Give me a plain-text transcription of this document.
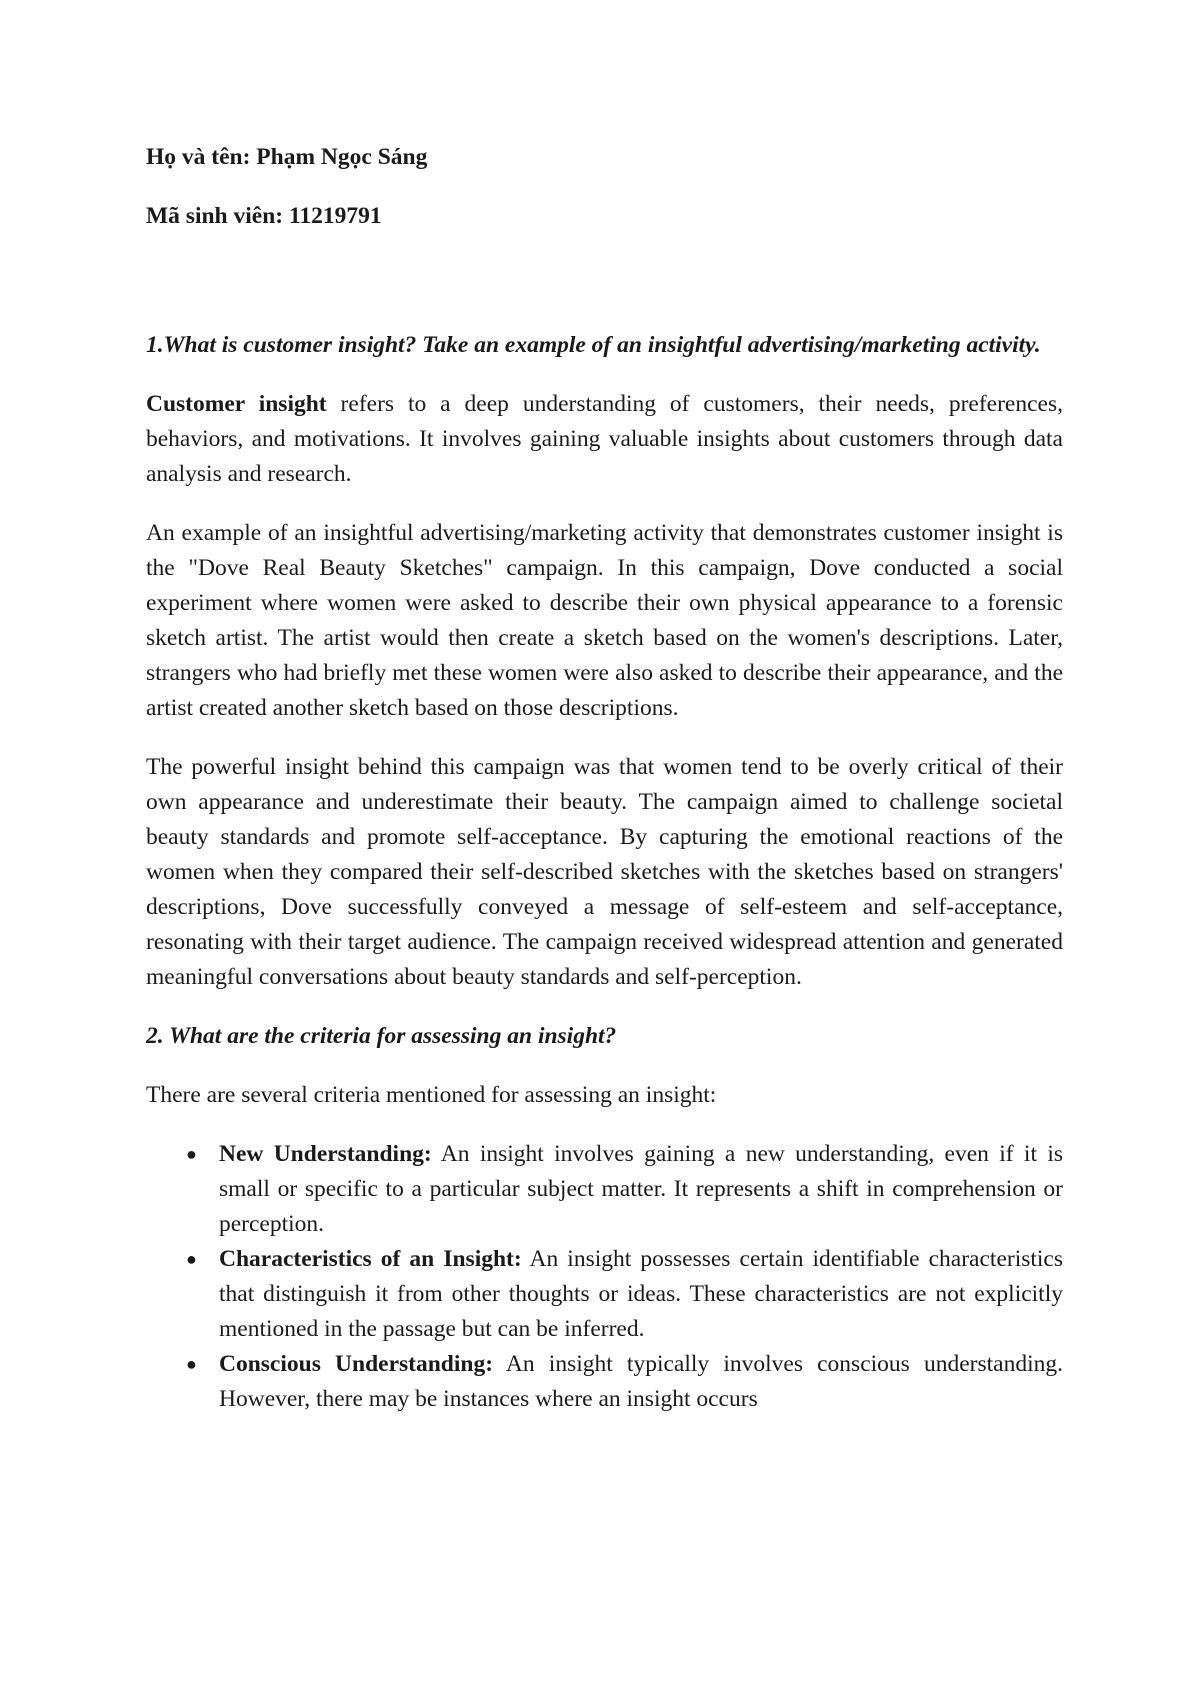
Họ và tên: Phạm Ngọc Sáng
Mã sinh viên: 11219791
1.What is customer insight? Take an example of an insightful advertising/marketing activity.

Customer insight refers to a deep understanding of customers, their needs, preferences, behaviors, and motivations. It involves gaining valuable insights about customers through data analysis and research.

An example of an insightful advertising/marketing activity that demonstrates customer insight is the "Dove Real Beauty Sketches" campaign. In this campaign, Dove conducted a social experiment where women were asked to describe their own physical appearance to a forensic sketch artist. The artist would then create a sketch based on the women's descriptions. Later, strangers who had briefly met these women were also asked to describe their appearance, and the artist created another sketch based on those descriptions.

The powerful insight behind this campaign was that women tend to be overly critical of their own appearance and underestimate their beauty. The campaign aimed to challenge societal beauty standards and promote self-acceptance. By capturing the emotional reactions of the women when they compared their self-described sketches with the sketches based on strangers' descriptions, Dove successfully conveyed a message of self-esteem and self-acceptance, resonating with their target audience. The campaign received widespread attention and generated meaningful conversations about beauty standards and self-perception.

2. What are the criteria for assessing an insight?

There are several criteria mentioned for assessing an insight:

● New Understanding: An insight involves gaining a new understanding, even if it is small or specific to a particular subject matter. It represents a shift in comprehension or perception.
● Characteristics of an Insight: An insight possesses certain identifiable characteristics that distinguish it from other thoughts or ideas. These characteristics are not explicitly mentioned in the passage but can be inferred.
● Conscious Understanding: An insight typically involves conscious understanding. However, there may be instances where an insight occurs
